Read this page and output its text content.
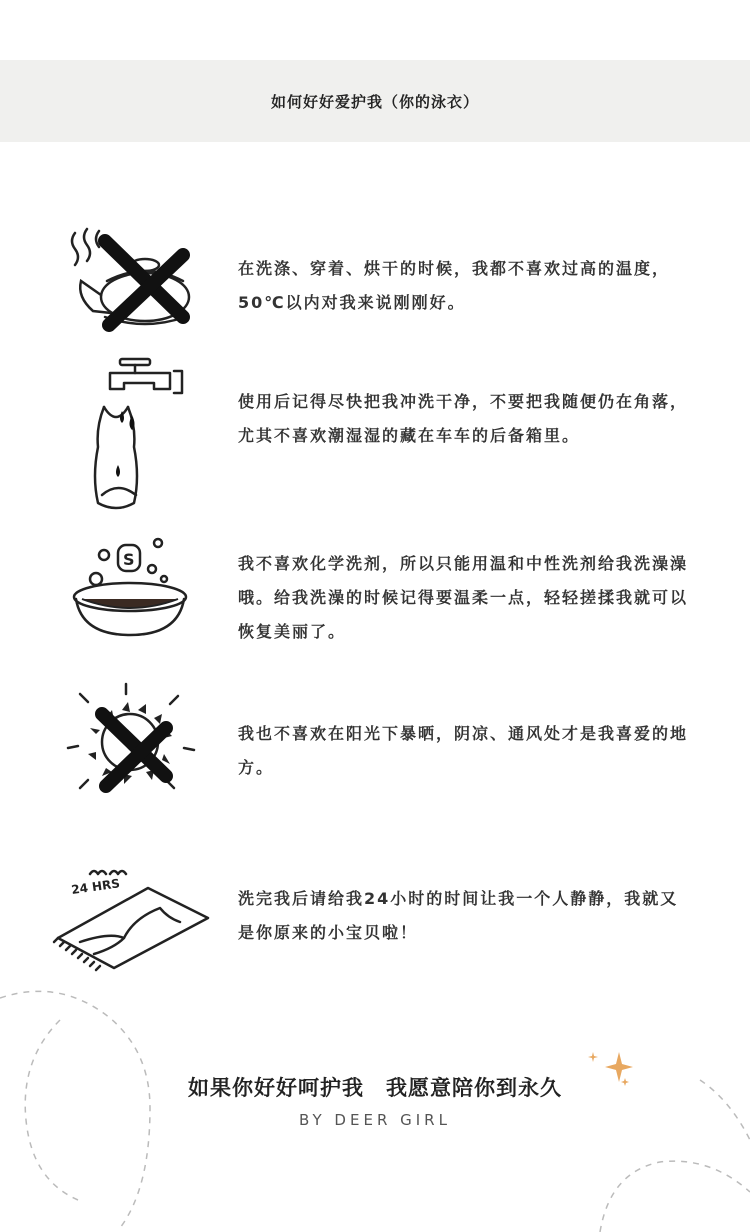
如何好好爱护我（你的泳衣）
在洗涤、穿着、烘干的时候，我都不喜欢过高的温度，50℃以内对我来说刚刚好。
使用后记得尽快把我冲洗干净，不要把我随便仍在角落，尤其不喜欢潮湿湿的藏在车车的后备箱里。
S	我不喜欢化学洗剂，所以只能用温和中性洗剂给我洗澡澡哦。给我洗澡的时候记得要温柔一点，轻轻搓揉我就可以恢复美丽了。
我也不喜欢在阳光下暴晒，阴凉、通风处才是我喜爱的地方。
24 HRS
洗完我后请给我24小时的时间让我一个人静静，我就又是你原来的小宝贝啦！
如果你好好呵护我　我愿意陪你到永久
BY DEER GIRL
